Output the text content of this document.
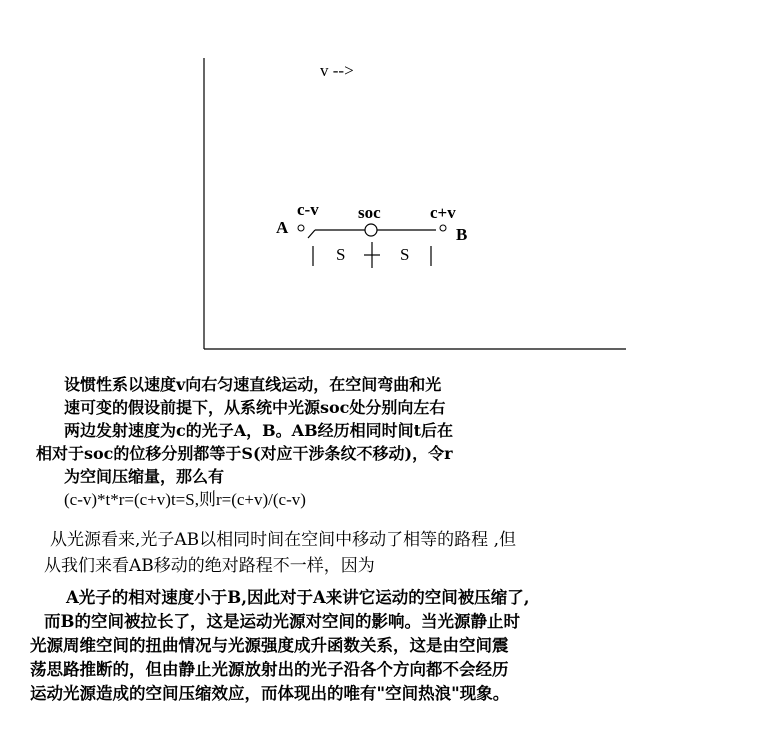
v -->
c-v soc	c+v
A	B
S	S
设惯性系以速度v向右匀速直线运动，在空间弯曲和光
速可变的假设前提下，从系统中光源soc处分别向左右
两边发射速度为c的光子A，B。AB经历相同时间t后在
相对于soc的位移分别都等于S(对应干涉条纹不移动)，令r
为空间压缩量，那么有
(c-v)*t*r=(c+v)t=S,则r=(c+v)/(c-v)
从光源看来,光子AB以相同时间在空间中移动了相等的路程 ,但
从我们来看AB移动的绝对路程不一样，因为
A光子的相对速度小于B,因此对于A来讲它运动的空间被压缩了,
而B的空间被拉长了，这是运动光源对空间的影响。当光源静止时
光源周维空间的扭曲情况与光源强度成升函数关系，这是由空间震
荡思路推断的，但由静止光源放射出的光子沿各个方向都不会经历
运动光源造成的空间压缩效应，而体现出的唯有"空间热浪"现象。
